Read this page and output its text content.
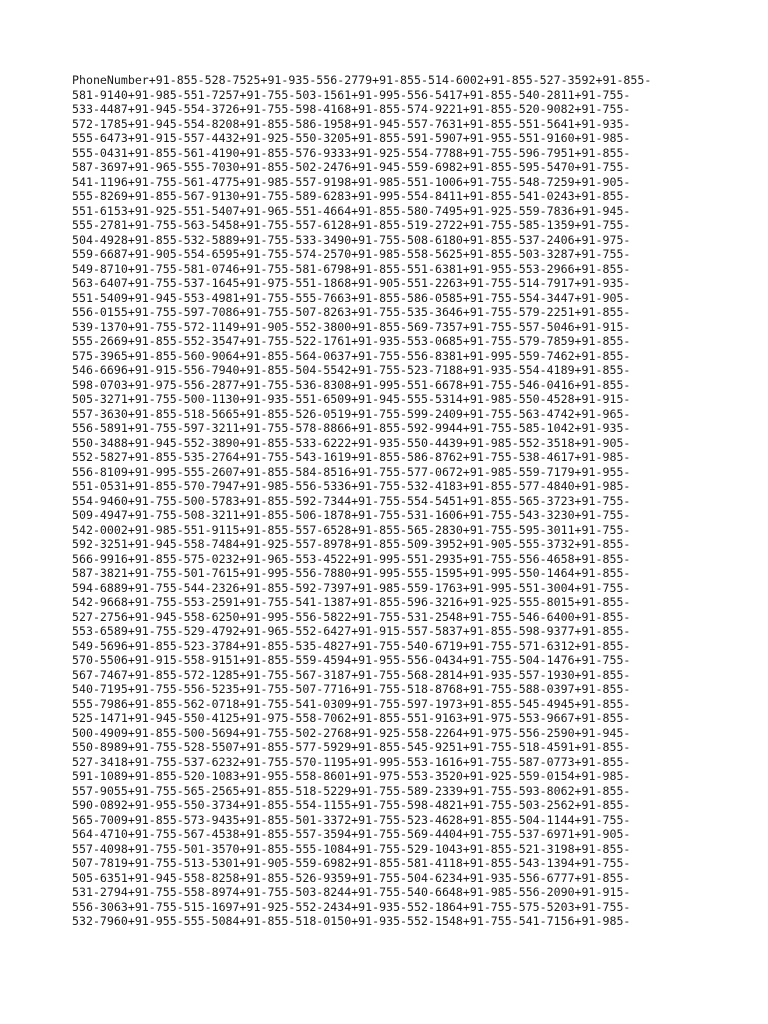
PhoneNumber+91-855-528-7525+91-935-556-2779+91-855-514-6002+91-855-527-3592+91-855-
581-9140+91-985-551-7257+91-755-503-1561+91-995-556-5417+91-855-540-2811+91-755-
533-4487+91-945-554-3726+91-755-598-4168+91-855-574-9221+91-855-520-9082+91-755-
572-1785+91-945-554-8208+91-855-586-1958+91-945-557-7631+91-855-551-5641+91-935-
555-6473+91-915-557-4432+91-925-550-3205+91-855-591-5907+91-955-551-9160+91-985-
555-0431+91-855-561-4190+91-855-576-9333+91-925-554-7788+91-755-596-7951+91-855-
587-3697+91-965-555-7030+91-855-502-2476+91-945-559-6982+91-855-595-5470+91-755-
541-1196+91-755-561-4775+91-985-557-9198+91-985-551-1006+91-755-548-7259+91-905-
555-8269+91-855-567-9130+91-755-589-6283+91-995-554-8411+91-855-541-0243+91-855-
551-6153+91-925-551-5407+91-965-551-4664+91-855-580-7495+91-925-559-7836+91-945-
555-2781+91-755-563-5458+91-755-557-6128+91-855-519-2722+91-755-585-1359+91-755-
504-4928+91-855-532-5889+91-755-533-3490+91-755-508-6180+91-855-537-2406+91-975-
559-6687+91-905-554-6595+91-755-574-2570+91-985-558-5625+91-855-503-3287+91-755-
549-8710+91-755-581-0746+91-755-581-6798+91-855-551-6381+91-955-553-2966+91-855-
563-6407+91-755-537-1645+91-975-551-1868+91-905-551-2263+91-755-514-7917+91-935-
551-5409+91-945-553-4981+91-755-555-7663+91-855-586-0585+91-755-554-3447+91-905-
556-0155+91-755-597-7086+91-755-507-8263+91-755-535-3646+91-755-579-2251+91-855-
539-1370+91-755-572-1149+91-905-552-3800+91-855-569-7357+91-755-557-5046+91-915-
555-2669+91-855-552-3547+91-755-522-1761+91-935-553-0685+91-755-579-7859+91-855-
575-3965+91-855-560-9064+91-855-564-0637+91-755-556-8381+91-995-559-7462+91-855-
546-6696+91-915-556-7940+91-855-504-5542+91-755-523-7188+91-935-554-4189+91-855-
598-0703+91-975-556-2877+91-755-536-8308+91-995-551-6678+91-755-546-0416+91-855-
505-3271+91-755-500-1130+91-935-551-6509+91-945-555-5314+91-985-550-4528+91-915-
557-3630+91-855-518-5665+91-855-526-0519+91-755-599-2409+91-755-563-4742+91-965-
556-5891+91-755-597-3211+91-755-578-8866+91-855-592-9944+91-755-585-1042+91-935-
550-3488+91-945-552-3890+91-855-533-6222+91-935-550-4439+91-985-552-3518+91-905-
552-5827+91-855-535-2764+91-755-543-1619+91-855-586-8762+91-755-538-4617+91-985-
556-8109+91-995-555-2607+91-855-584-8516+91-755-577-0672+91-985-559-7179+91-955-
551-0531+91-855-570-7947+91-985-556-5336+91-755-532-4183+91-855-577-4840+91-985-
554-9460+91-755-500-5783+91-855-592-7344+91-755-554-5451+91-855-565-3723+91-755-
509-4947+91-755-508-3211+91-855-506-1878+91-755-531-1606+91-755-543-3230+91-755-
542-0002+91-985-551-9115+91-855-557-6528+91-855-565-2830+91-755-595-3011+91-755-
592-3251+91-945-558-7484+91-925-557-8978+91-855-509-3952+91-905-555-3732+91-855-
566-9916+91-855-575-0232+91-965-553-4522+91-995-551-2935+91-755-556-4658+91-855-
587-3821+91-755-501-7615+91-995-556-7880+91-995-555-1595+91-995-550-1464+91-855-
594-6889+91-755-544-2326+91-855-592-7397+91-985-559-1763+91-995-551-3004+91-755-
542-9668+91-755-553-2591+91-755-541-1387+91-855-596-3216+91-925-555-8015+91-855-
527-2756+91-945-558-6250+91-995-556-5822+91-755-531-2548+91-755-546-6400+91-855-
553-6589+91-755-529-4792+91-965-552-6427+91-915-557-5837+91-855-598-9377+91-855-
549-5696+91-855-523-3784+91-855-535-4827+91-755-540-6719+91-755-571-6312+91-855-
570-5506+91-915-558-9151+91-855-559-4594+91-955-556-0434+91-755-504-1476+91-755-
567-7467+91-855-572-1285+91-755-567-3187+91-755-568-2814+91-935-557-1930+91-855-
540-7195+91-755-556-5235+91-755-507-7716+91-755-518-8768+91-755-588-0397+91-855-
555-7986+91-855-562-0718+91-755-541-0309+91-755-597-1973+91-855-545-4945+91-855-
525-1471+91-945-550-4125+91-975-558-7062+91-855-551-9163+91-975-553-9667+91-855-
500-4909+91-855-500-5694+91-755-502-2768+91-925-558-2264+91-975-556-2590+91-945-
550-8989+91-755-528-5507+91-855-577-5929+91-855-545-9251+91-755-518-4591+91-855-
527-3418+91-755-537-6232+91-755-570-1195+91-995-553-1616+91-755-587-0773+91-855-
591-1089+91-855-520-1083+91-955-558-8601+91-975-553-3520+91-925-559-0154+91-985-
557-9055+91-755-565-2565+91-855-518-5229+91-755-589-2339+91-755-593-8062+91-855-
590-0892+91-955-550-3734+91-855-554-1155+91-755-598-4821+91-755-503-2562+91-855-
565-7009+91-855-573-9435+91-855-501-3372+91-755-523-4628+91-855-504-1144+91-755-
564-4710+91-755-567-4538+91-855-557-3594+91-755-569-4404+91-755-537-6971+91-905-
557-4098+91-755-501-3570+91-855-555-1084+91-755-529-1043+91-855-521-3198+91-855-
507-7819+91-755-513-5301+91-905-559-6982+91-855-581-4118+91-855-543-1394+91-755-
505-6351+91-945-558-8258+91-855-526-9359+91-755-504-6234+91-935-556-6777+91-855-
531-2794+91-755-558-8974+91-755-503-8244+91-755-540-6648+91-985-556-2090+91-915-
556-3063+91-755-515-1697+91-925-552-2434+91-935-552-1864+91-755-575-5203+91-755-
532-7960+91-955-555-5084+91-855-518-0150+91-935-552-1548+91-755-541-7156+91-985-
